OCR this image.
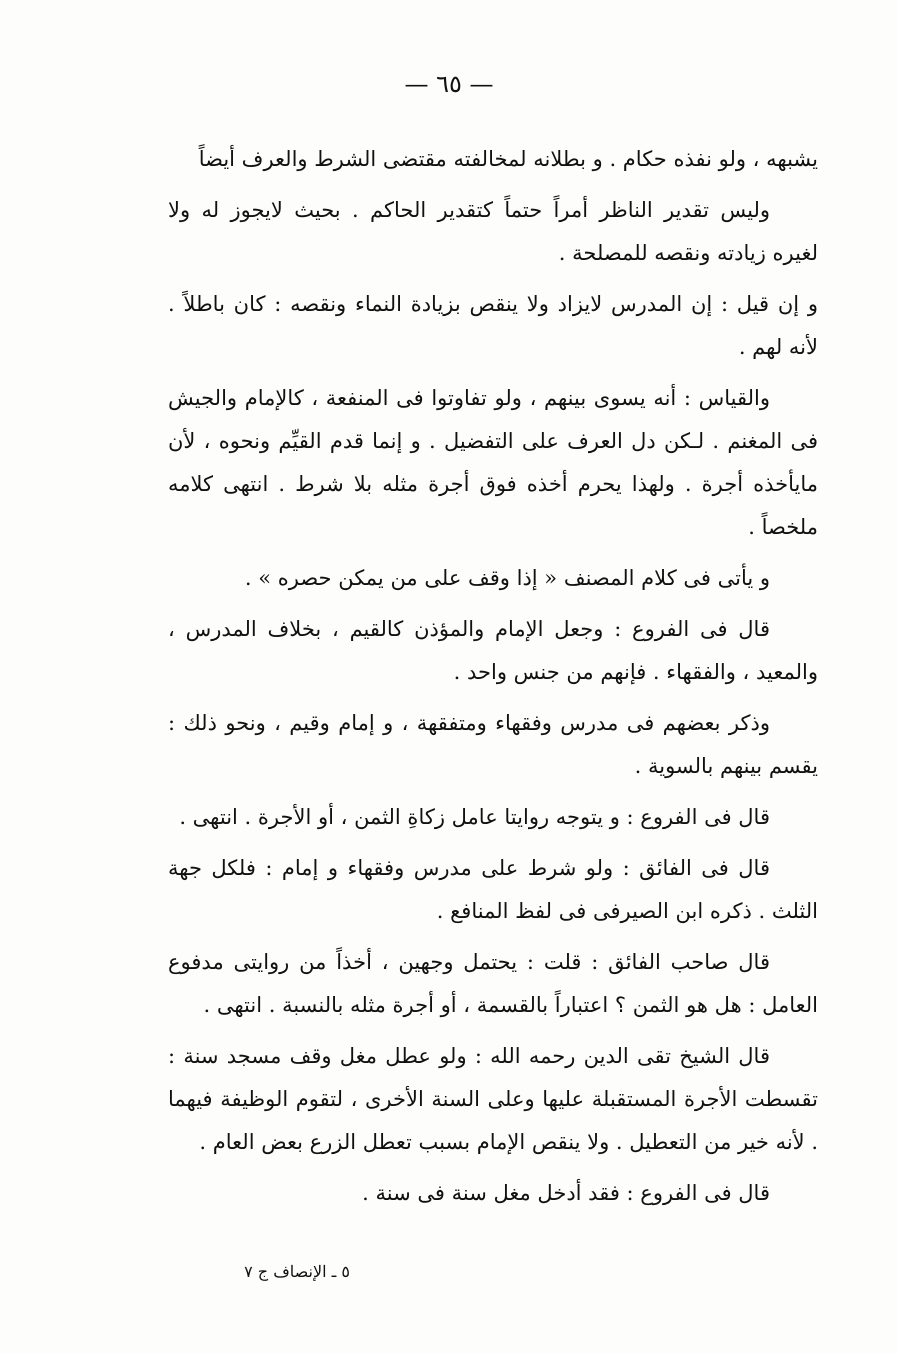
— ٦٥ —

يشبهه ، ولو نفذه حكام . و بطلانه لمخالفته مقتضى الشرط والعرف أيضاً

وليس تقدير الناظر أمراً حتماً كتقدير الحاكم . بحيث لايجوز له ولا لغيره زيادته ونقصه للمصلحة .

و إن قيل : إن المدرس لايزاد ولا ينقص بزيادة النماء ونقصه : كان باطلاً . لأنه لهم .

والقياس : أنه يسوى بينهم ، ولو تفاوتوا فى المنفعة ، كالإمام والجيش فى المغنم . لـكن دل العرف على التفضيل . و إنما قدم القيِّم ونحوه ، لأن مايأخذه أجرة . ولهذا يحرم أخذه فوق أجرة مثله بلا شرط . انتهى كلامه ملخصاً .

و يأتى فى كلام المصنف « إذا وقف على من يمكن حصره » .

قال فى الفروع : وجعل الإمام والمؤذن كالقيم ، بخلاف المدرس ، والمعيد ، والفقهاء . فإنهم من جنس واحد .

وذكر بعضهم فى مدرس وفقهاء ومتفقهة ، و إمام وقيم ، ونحو ذلك : يقسم بينهم بالسوية .

قال فى الفروع : و يتوجه روايتا عامل زكاةِ الثمن ، أو الأجرة . انتهى .

قال فى الفائق : ولو شرط على مدرس وفقهاء و إمام : فلكل جهة الثلث . ذكره ابن الصيرفى فى لفظ المنافع .

قال صاحب الفائق : قلت : يحتمل وجهين ، أخذاً من روايتى مدفوع العامل : هل هو الثمن ؟ اعتباراً بالقسمة ، أو أجرة مثله بالنسبة . انتهى .

قال الشيخ تقى الدين رحمه الله : ولو عطل مغل وقف مسجد سنة : تقسطت الأجرة المستقبلة عليها وعلى السنة الأخرى ، لتقوم الوظيفة فيهما . لأنه خير من التعطيل . ولا ينقص الإمام بسبب تعطل الزرع بعض العام .

قال فى الفروع : فقد أدخل مغل سنة فى سنة .

٥ ـ الإنصاف ج ٧
